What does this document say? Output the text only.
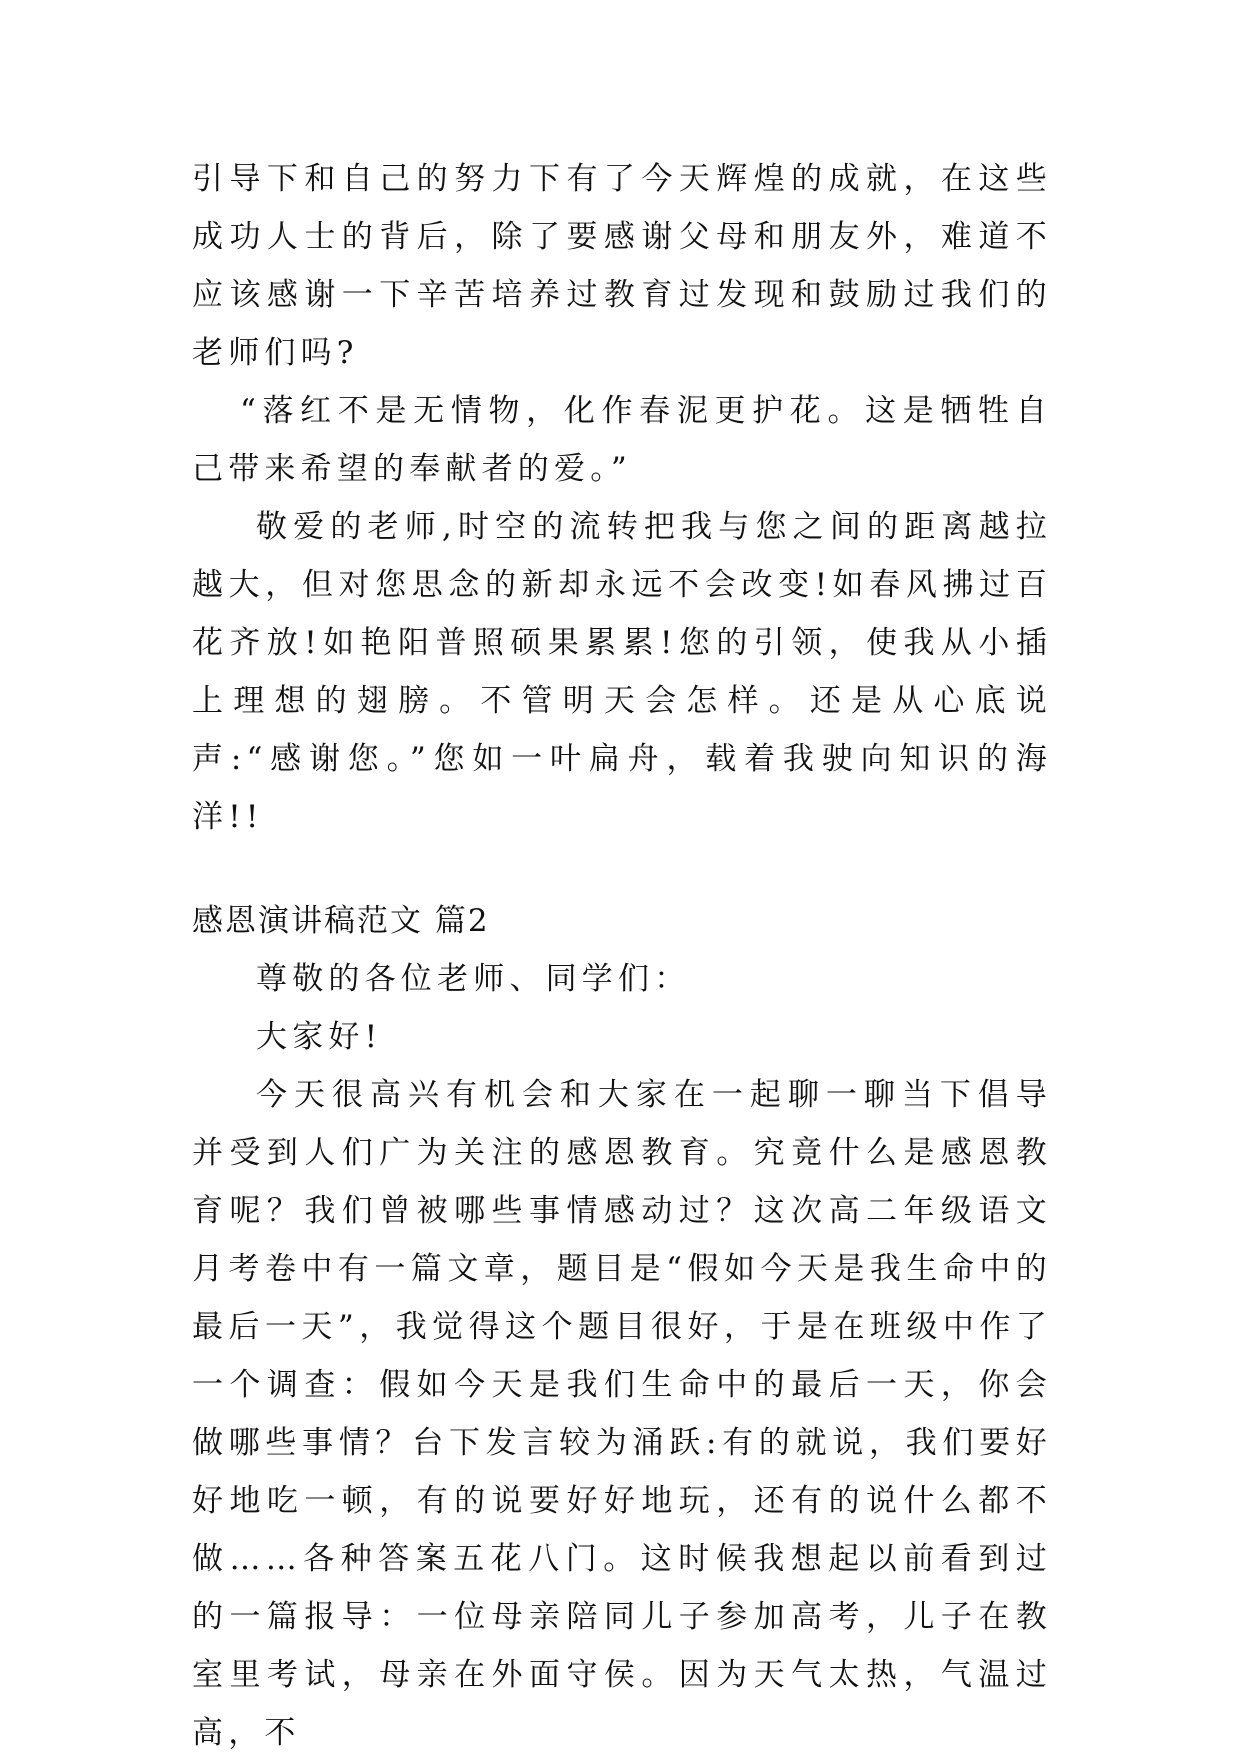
引导下和自己的努力下有了今天辉煌的成就，在这些成功人士的背后，除了要感谢父母和朋友外，难道不应该感谢一下辛苦培养过教育过发现和鼓励过我们的老师们吗?

“落红不是无情物，化作春泥更护花。这是牺牲自己带来希望的奉献者的爱。”

敬爱的老师,时空的流转把我与您之间的距离越拉越大，但对您思念的新却永远不会改变!如春风拂过百花齐放!如艳阳普照硕果累累!您的引领，使我从小插上理想的翅膀。不管明天会怎样。还是从心底说声:“感谢您。”您如一叶扁舟，载着我驶向知识的海洋!!

感恩演讲稿范文 篇2

尊敬的各位老师、同学们：

大家好!

今天很高兴有机会和大家在一起聊一聊当下倡导并受到人们广为关注的感恩教育。究竟什么是感恩教育呢？我们曾被哪些事情感动过？这次高二年级语文月考卷中有一篇文章，题目是“假如今天是我生命中的最后一天”，我觉得这个题目很好，于是在班级中作了一个调查：假如今天是我们生命中的最后一天，你会做哪些事情？台下发言较为涌跃:有的就说，我们要好好地吃一顿，有的说要好好地玩，还有的说什么都不做……各种答案五花八门。这时候我想起以前看到过的一篇报导：一位母亲陪同儿子参加高考，儿子在教室里考试，母亲在外面守侯。因为天气太热，气温过高，不
